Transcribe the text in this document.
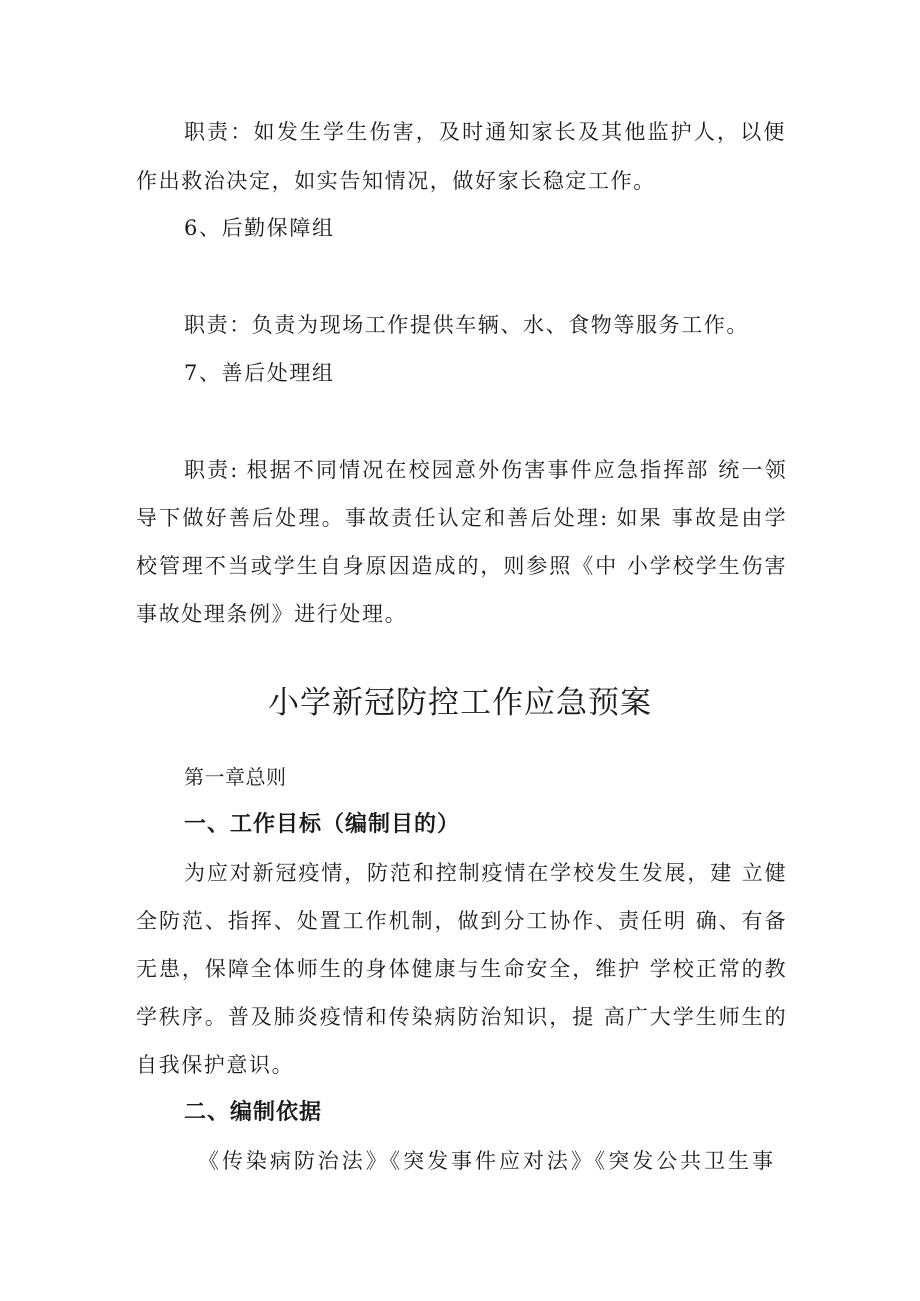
职责：如发生学生伤害，及时通知家长及其他监护人，以便
作出救治决定，如实告知情况，做好家长稳定工作。
6、后勤保障组
职责：负责为现场工作提供车辆、水、食物等服务工作。
7、善后处理组
职责: 根据不同情况在校园意外伤害事件应急指挥部 统一领
导下做好善后处理。事故责任认定和善后处理: 如果 事故是由学
校管理不当或学生自身原因造成的，则参照《中 小学校学生伤害
事故处理条例》进行处理。
小学新冠防控工作应急预案
第一章总则
一、工作目标（编制目的）
为应对新冠疫情，防范和控制疫情在学校发生发展，建 立健
全防范、指挥、处置工作机制，做到分工协作、责任明 确、有备
无患，保障全体师生的身体健康与生命安全，维护 学校正常的教
学秩序。普及肺炎疫情和传染病防治知识，提 高广大学生师生的
自我保护意识。
二、编制依据
《传染病防治法》《突发事件应对法》《突发公共卫生事
